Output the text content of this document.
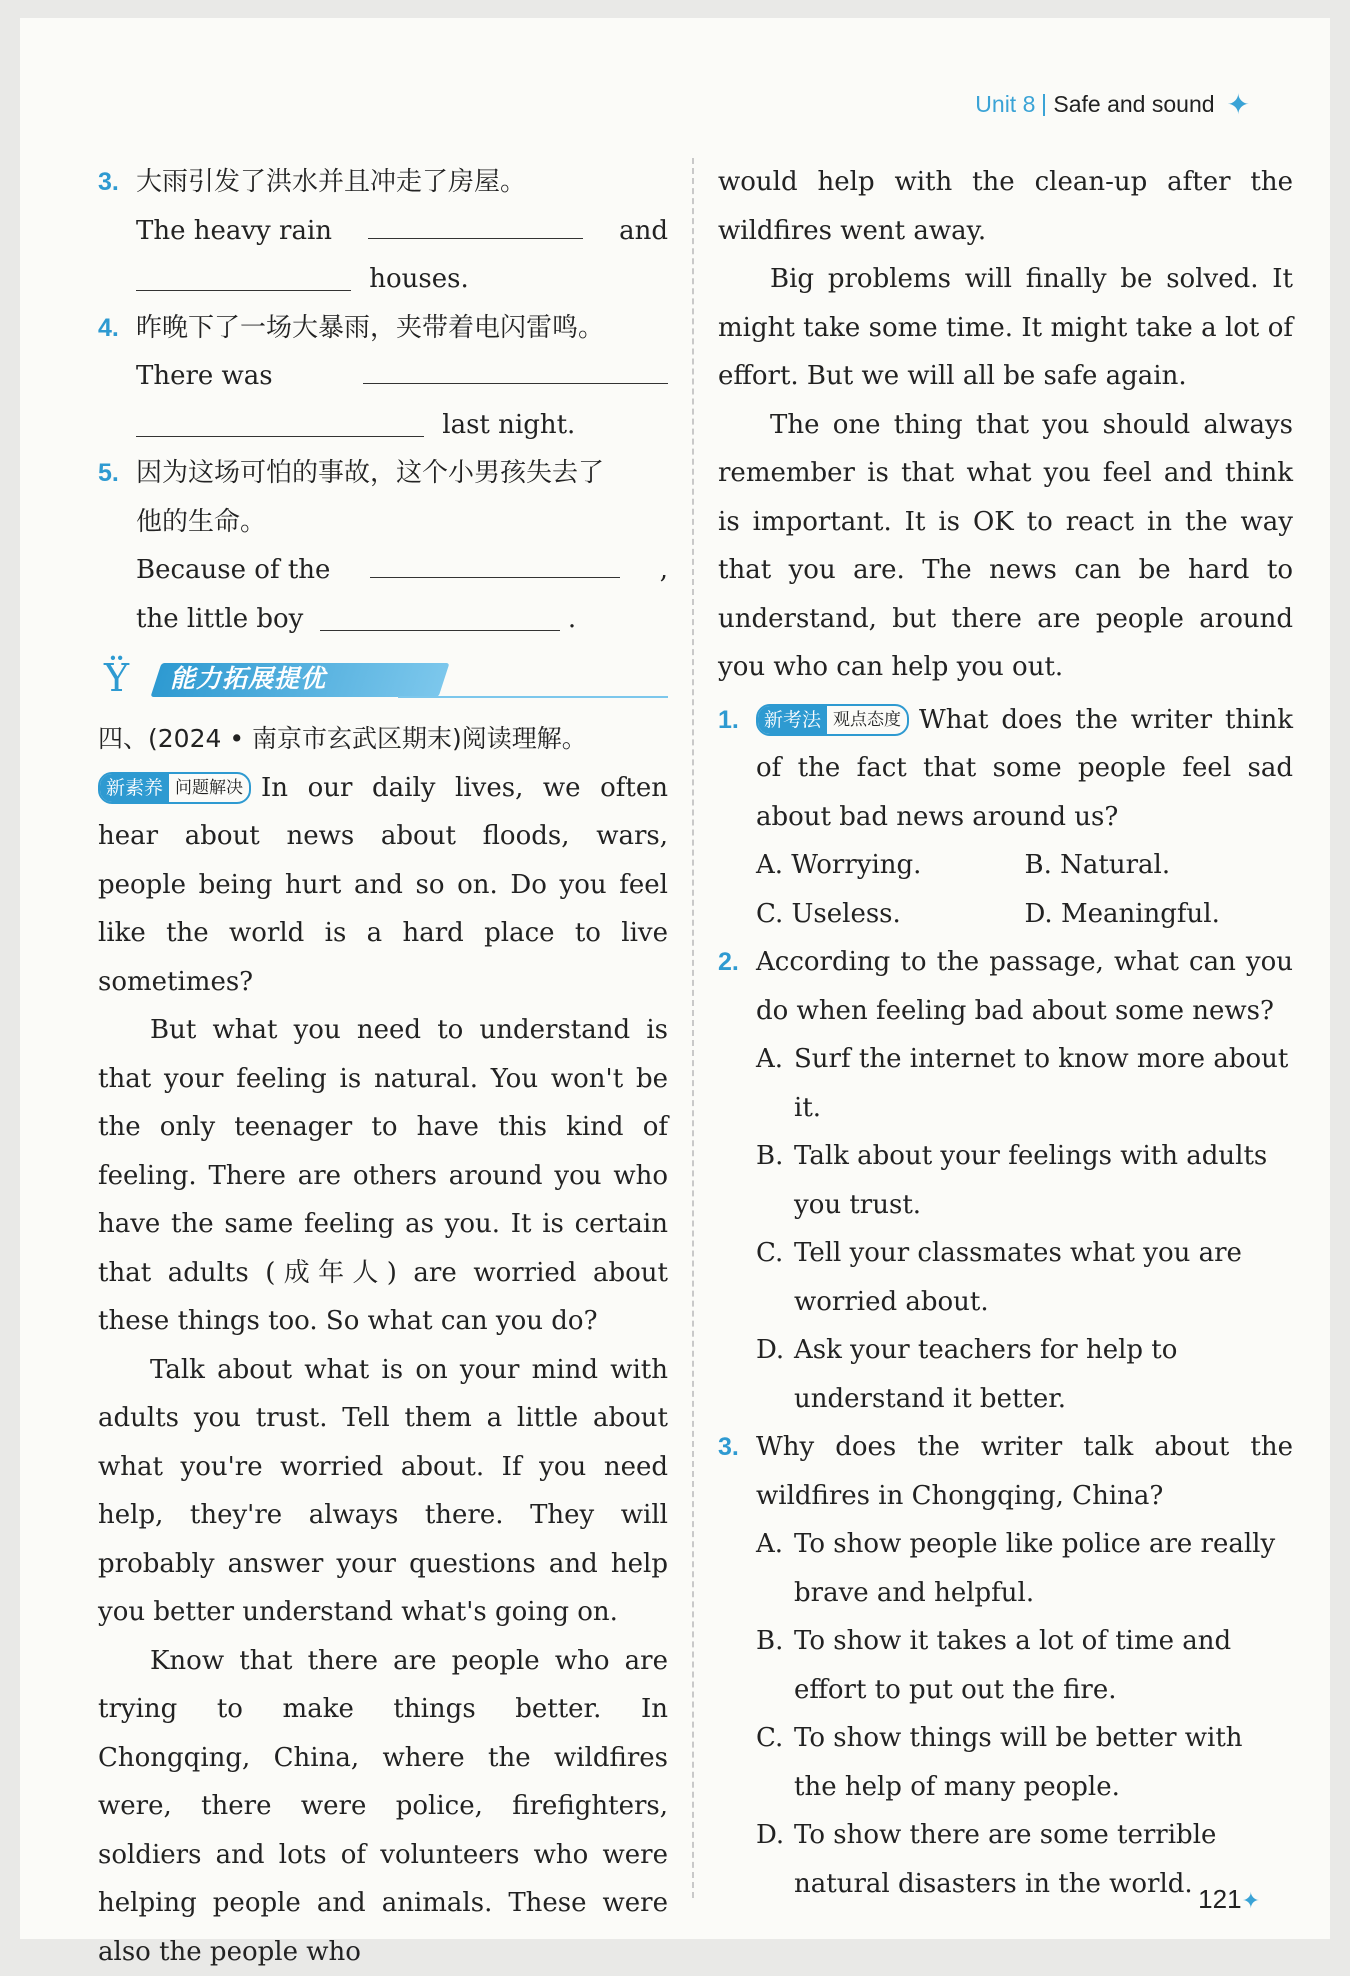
Unit 8 Safe and sound ✦
3. 大雨引发了洪水并且冲走了房屋。

The heavy rain	and
houses.
4. 昨晚下了一场大暴雨，夹带着电闪雷鸣。

There was
last night.
5. 因为这场可怕的事故，这个小男孩失去了

他的生命。

Because of the	,
the little boy	.
Ÿ 能力拓展提优

四、(2024 • 南京市玄武区期末)阅读理解。

新素养 问题解决 In our daily lives, we often hear about news about floods, wars, people being hurt and so on. Do you feel like the world is a hard place to live sometimes?

But what you need to understand is that your feeling is natural. You won't be the only teenager to have this kind of feeling. There are others around you who have the same feeling as you. It is certain that adults (成年人) are worried about these things too. So what can you do?

Talk about what is on your mind with adults you trust. Tell them a little about what you're worried about. If you need help, they're always there. They will probably answer your questions and help you better understand what's going on.

Know that there are people who are trying to make things better. In Chongqing, China, where the wildfires were, there were police, firefighters, soldiers and lots of volunteers who were helping people and animals. These were also the people who

would help with the clean-up after the wildfires went away.

Big problems will finally be solved. It might take some time. It might take a lot of effort. But we will all be safe again.

The one thing that you should always remember is that what you feel and think is important. It is OK to react in the way that you are. The news can be hard to understand, but there are people around you who can help you out.

1.	新考法 观点态度 What does the writer think of the fact that some people feel sad about bad news around us?

A. Worrying.	B. Natural.
C. Useless.	D. Meaningful.
2. According to the passage, what can you do when feeling bad about some news?

A. Surf the internet to know more about it.
B. Talk about your feelings with adults you trust.
C. Tell your classmates what you are worried about.
D. Ask your teachers for help to understand it better.
3. Why does the writer talk about the wildfires in Chongqing, China?

A. To show people like police are really brave and helpful.
B. To show it takes a lot of time and effort to put out the fire.
C. To show things will be better with the help of many people.
D. To show there are some terrible natural disasters in the world.
121✦
